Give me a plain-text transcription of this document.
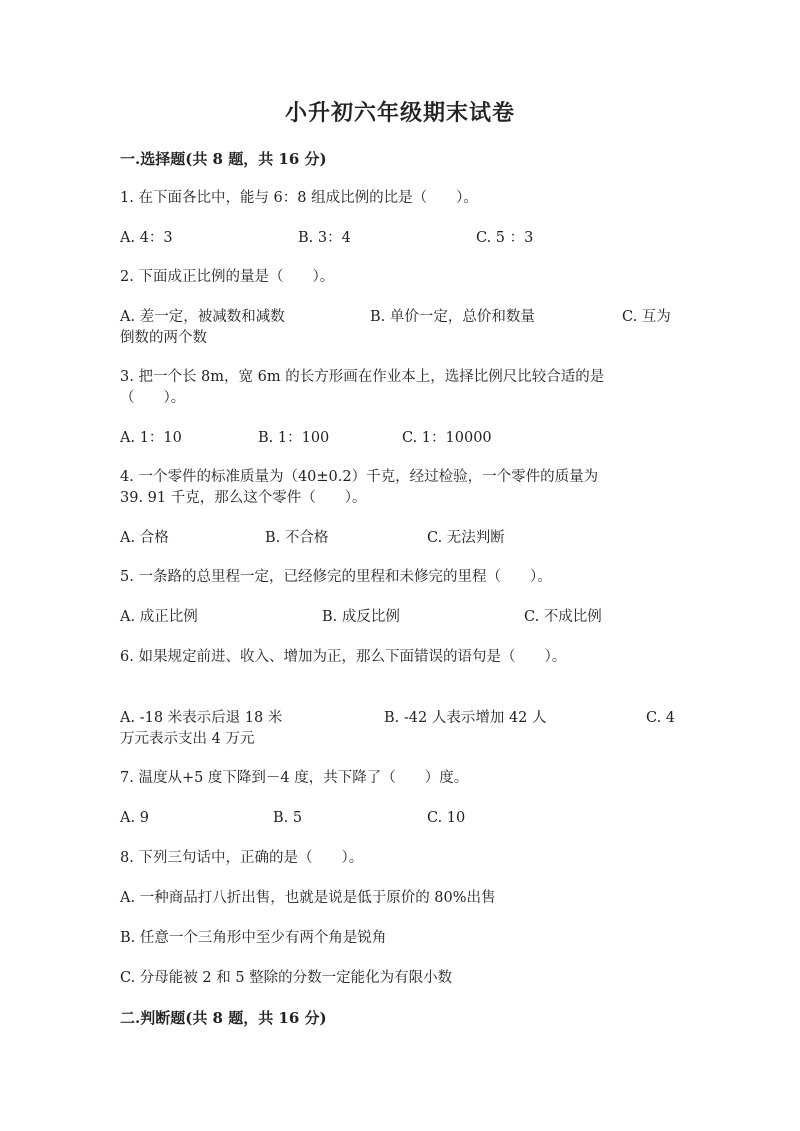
小升初六年级期末试卷
一.选择题(共 8 题，共 16 分)
1. 在下面各比中，能与 6：8 组成比例的比是（　　）。
A. 4：3	B. 3：4	C. 5 ：3
2. 下面成正比例的量是（　　）。
A. 差一定，被减数和减数	B. 单价一定，总价和数量	C. 互为
倒数的两个数
3. 把一个长 8m，宽 6m 的长方形画在作业本上，选择比例尺比较合适的是
（　　）。
A. 1：10	B. 1：100	C. 1：10000
4. 一个零件的标准质量为（40±0.2）千克，经过检验，一个零件的质量为
39. 91 千克，那么这个零件（　　）。
A. 合格	B. 不合格	C. 无法判断
5. 一条路的总里程一定，已经修完的里程和未修完的里程（　　）。
A. 成正比例	B. 成反比例	C. 不成比例
6. 如果规定前进、收入、增加为正，那么下面错误的语句是（　　）。
A. -18 米表示后退 18 米	B. -42 人表示增加 42 人	C. 4
万元表示支出 4 万元
7. 温度从+5 度下降到－4 度，共下降了（　　）度。
A. 9	B. 5	C. 10
8. 下列三句话中，正确的是（　　）。
A. 一种商品打八折出售，也就是说是低于原价的 80%出售
B. 任意一个三角形中至少有两个角是锐角
C. 分母能被 2 和 5 整除的分数一定能化为有限小数
二.判断题(共 8 题，共 16 分)
